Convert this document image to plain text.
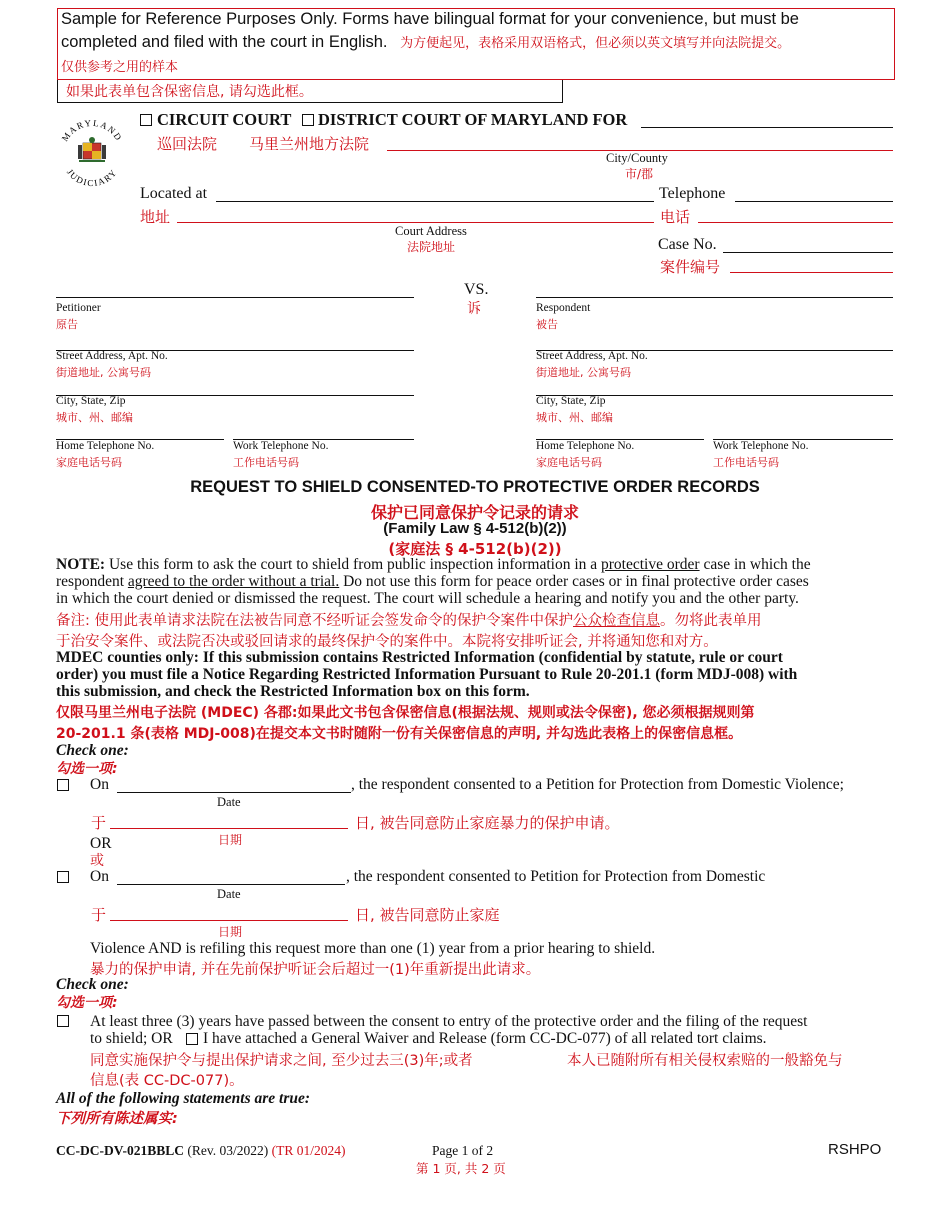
Sample for Reference Purposes Only. Forms have bilingual format for your convenience, but must be
completed and filed with the court in English. 为方便起见，表格采用双语格式，但必须以英文填写并向法院提交。
仅供参考之用的样本
如果此表单包含保密信息, 请勾选此框。
MARYLAND
JUDICIARY
CIRCUIT COURT DISTRICT COURT OF MARYLAND FOR
巡回法院 马里兰州地方法院
City/County
市/郡
Located at
地址
Court Address
法院地址
Telephone
电话
Case No.
案件编号
VS.
诉
Petitioner
原告
Street Address, Apt. No.
街道地址, 公寓号码
City, State, Zip
城市、州、邮编
Home Telephone No.
家庭电话号码
Work Telephone No.
工作电话号码
Respondent
被告
Street Address, Apt. No.
街道地址, 公寓号码
City, State, Zip
城市、州、邮编
Home Telephone No.
家庭电话号码
Work Telephone No.
工作电话号码
REQUEST TO SHIELD CONSENTED-TO PROTECTIVE ORDER RECORDS
保护已同意保护令记录的请求
(Family Law § 4-512(b)(2))
(家庭法 § 4-512(b)(2))
NOTE: Use this form to ask the court to shield from public inspection information in a protective order case in which the
respondent agreed to the order without a trial. Do not use this form for peace order cases or in final protective order cases
in which the court denied or dismissed the request. The court will schedule a hearing and notify you and the other party.
备注: 使用此表单请求法院在法被告同意不经听证会签发命令的保护令案件中保护公众检查信息。勿将此表单用
于治安令案件、或法院否决或驳回请求的最终保护令的案件中。本院将安排听证会, 并将通知您和对方。
MDEC counties only: If this submission contains Restricted Information (confidential by statute, rule or court
order) you must file a Notice Regarding Restricted Information Pursuant to Rule 20-201.1 (form MDJ-008) with
this submission, and check the Restricted Information box on this form.
仅限马里兰州电子法院 (MDEC) 各郡:如果此文书包含保密信息(根据法规、规则或法令保密), 您必须根据规则第
20-201.1 条(表格 MDJ-008)在提交本文书时随附一份有关保密信息的声明, 并勾选此表格上的保密信息框。
Check one:
勾选一项:
On	, the respondent consented to a Petition for Protection from Domestic Violence;
Date
于	日, 被告同意防止家庭暴力的保护申请。
日期
OR
或
On	, the respondent consented to Petition for Protection from Domestic
Date
于	日, 被告同意防止家庭
日期
Violence AND is refiling this request more than one (1) year from a prior hearing to shield.
暴力的保护申请, 并在先前保护听证会后超过一(1)年重新提出此请求。
Check one:
勾选一项:
At least three (3) years have passed between the consent to entry of the protective order and the filing of the request
to shield; OR I have attached a General Waiver and Release (form CC-DC-077) of all related tort claims.
同意实施保护令与提出保护请求之间, 至少过去三(3)年;或者	本人已随附所有相关侵权索赔的一般豁免与
信息(表 CC-DC-077)。
All of the following statements are true:
下列所有陈述属实:
CC-DC-DV-021BBLC (Rev. 03/2022) (TR 01/2024)	Page 1 of 2
第 1 页, 共 2 页
RSHPO
